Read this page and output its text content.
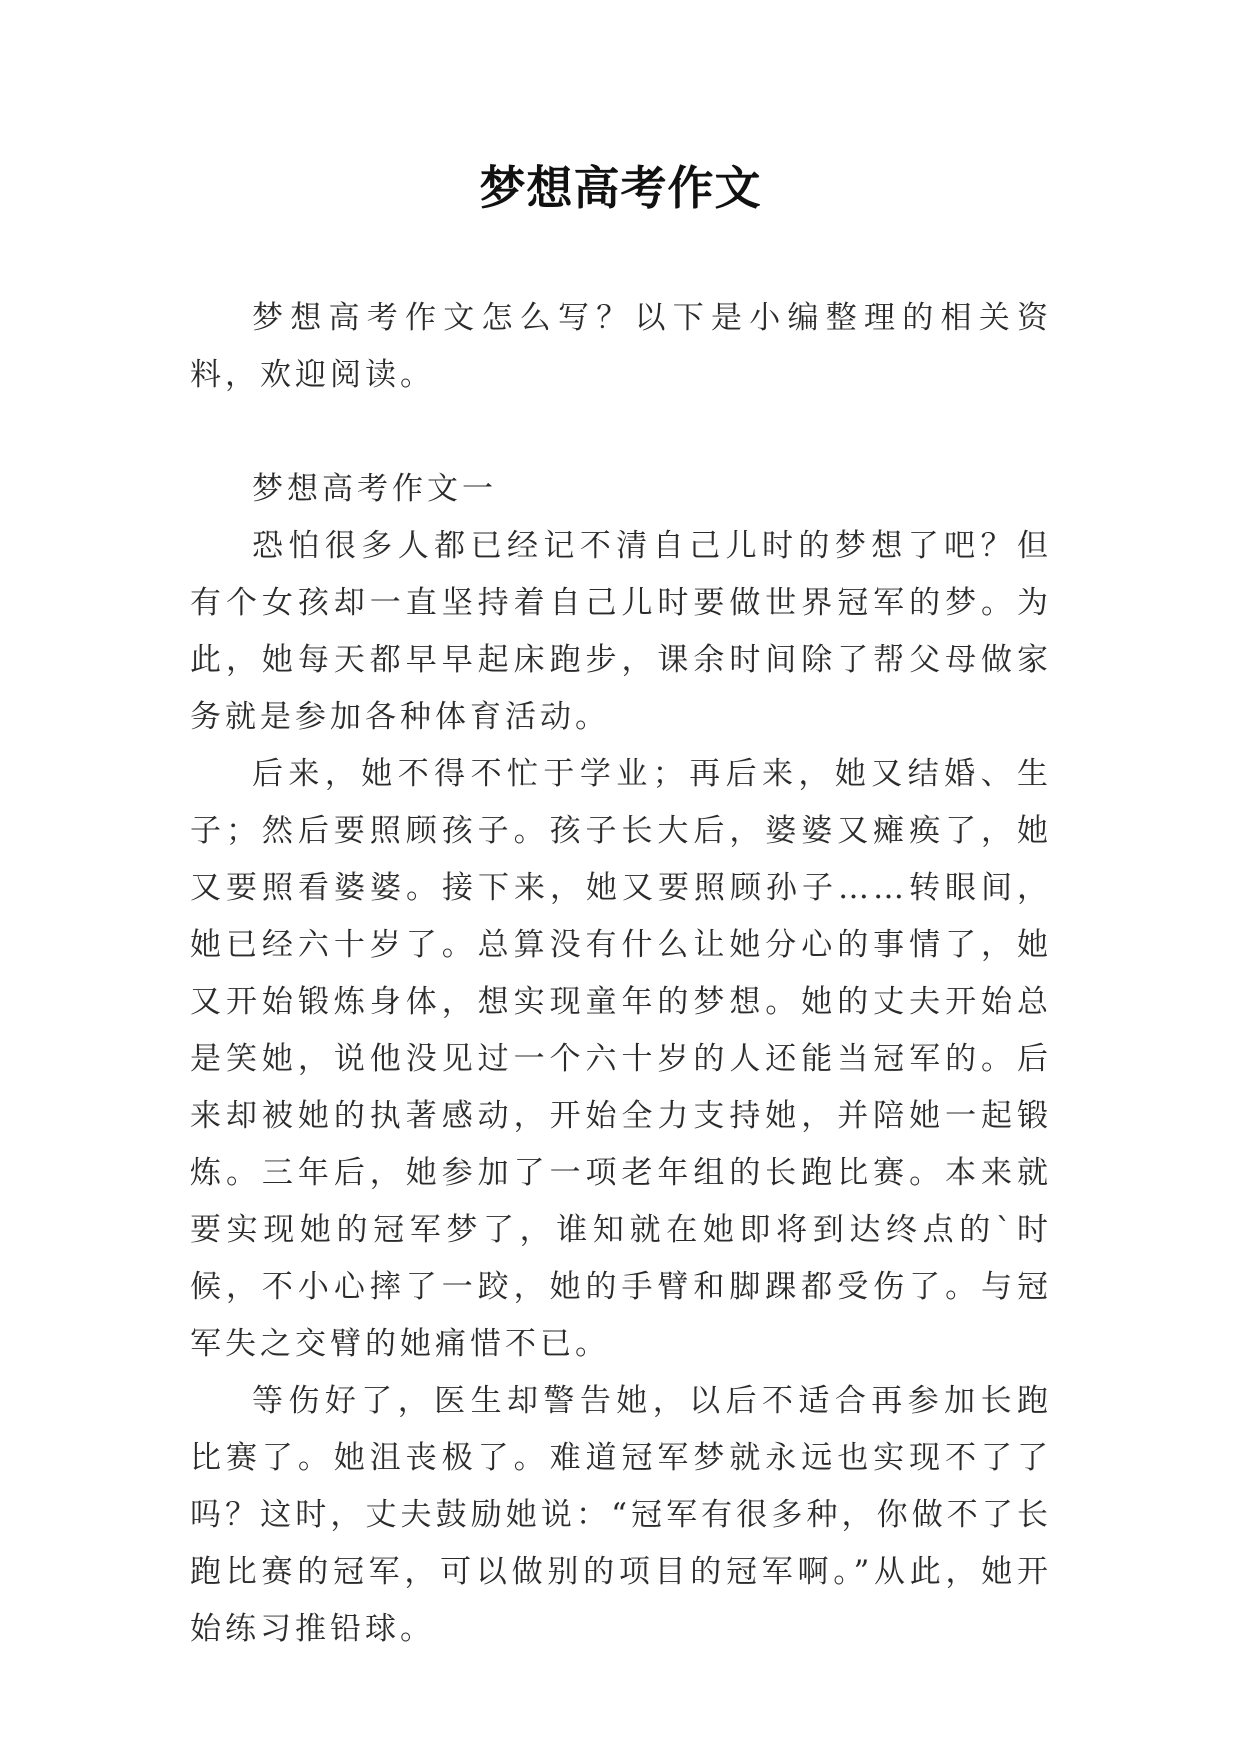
梦想高考作文

梦想高考作文怎么写？以下是小编整理的相关资料，欢迎阅读。

梦想高考作文一

恐怕很多人都已经记不清自己儿时的梦想了吧？但有个女孩却一直坚持着自己儿时要做世界冠军的梦。为此，她每天都早早起床跑步，课余时间除了帮父母做家务就是参加各种体育活动。

后来，她不得不忙于学业；再后来，她又结婚、生子；然后要照顾孩子。孩子长大后，婆婆又瘫痪了，她又要照看婆婆。接下来，她又要照顾孙子……转眼间，她已经六十岁了。总算没有什么让她分心的事情了，她又开始锻炼身体，想实现童年的梦想。她的丈夫开始总是笑她，说他没见过一个六十岁的人还能当冠军的。后来却被她的执著感动，开始全力支持她，并陪她一起锻炼。三年后，她参加了一项老年组的长跑比赛。本来就要实现她的冠军梦了，谁知就在她即将到达终点的`时候，不小心摔了一跤，她的手臂和脚踝都受伤了。与冠军失之交臂的她痛惜不已。

等伤好了，医生却警告她，以后不适合再参加长跑比赛了。她沮丧极了。难道冠军梦就永远也实现不了了吗？这时，丈夫鼓励她说：“冠军有很多种，你做不了长跑比赛的冠军，可以做别的项目的冠军啊。”从此，她开始练习推铅球。
